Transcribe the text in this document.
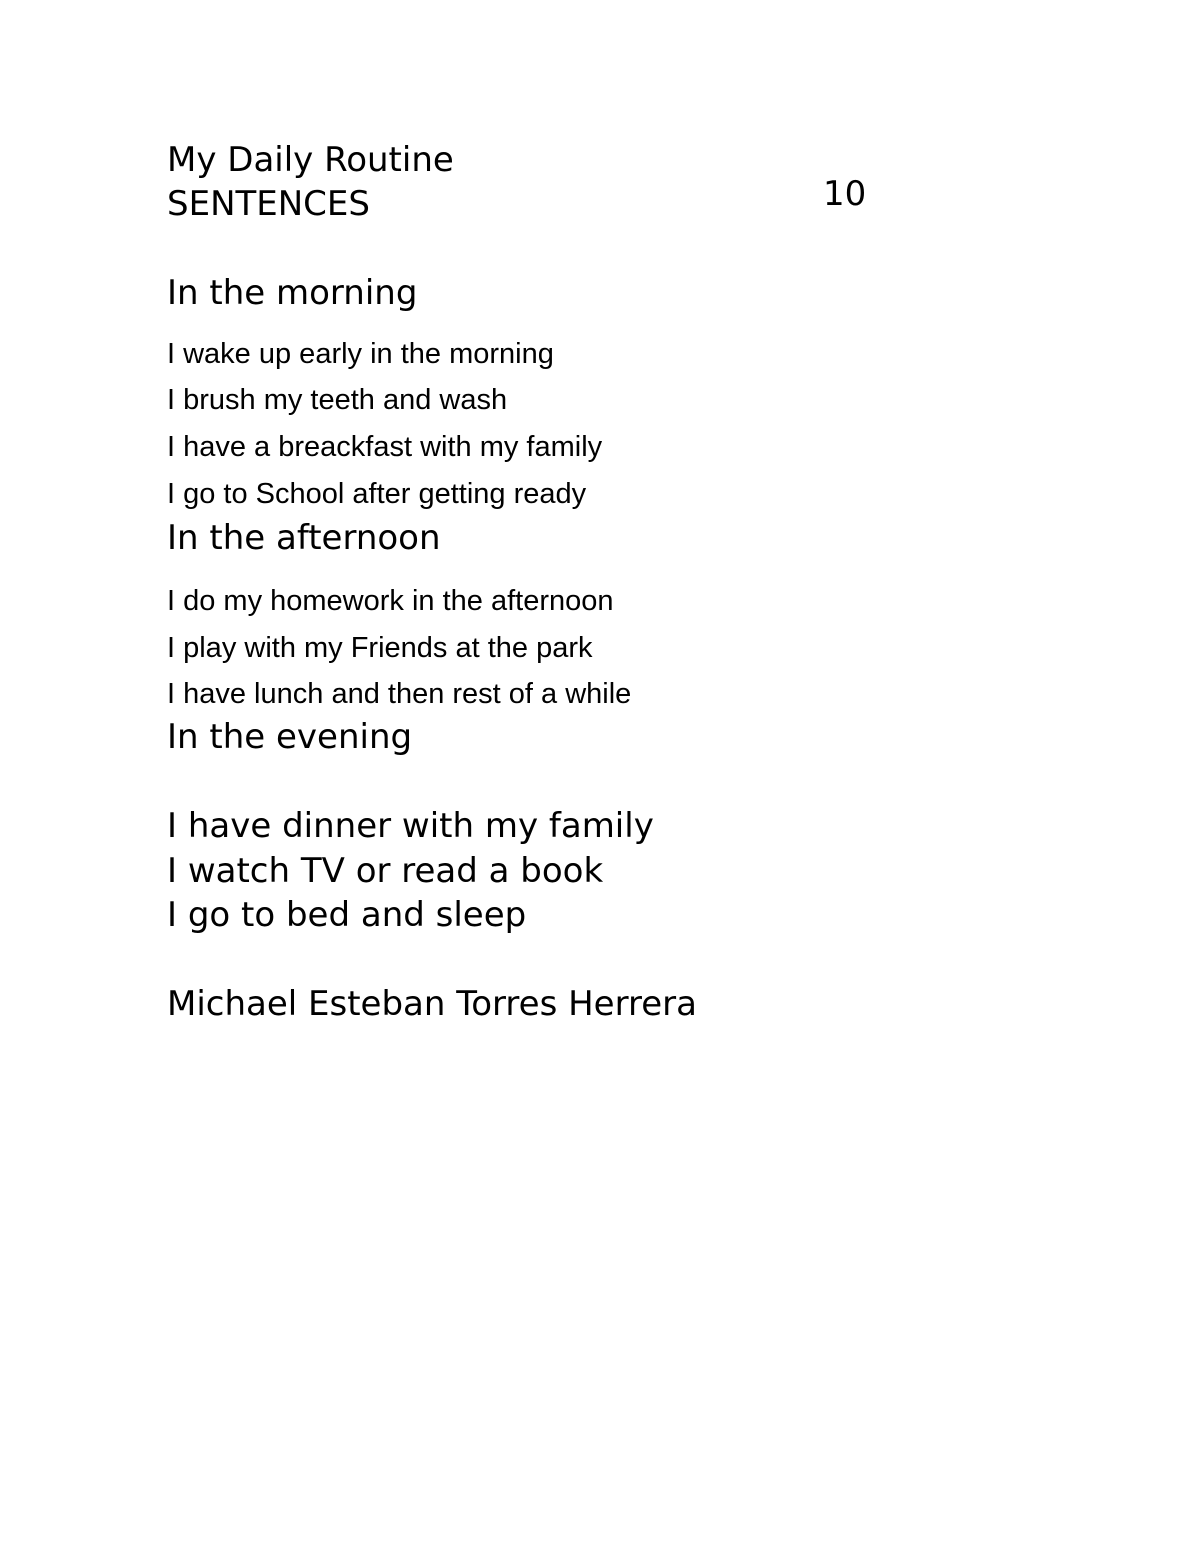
My Daily Routine

10

SENTENCES

In the morning

I wake up early in the morning

I brush my teeth and wash

I have a breackfast with my family

I go to School after getting ready

In the afternoon

I do my homework in the afternoon

I play with my Friends at the park

I have lunch and then rest of a while

In the evening

I have dinner with my family

I watch TV or read a book

I go to bed and sleep

Michael Esteban Torres Herrera
